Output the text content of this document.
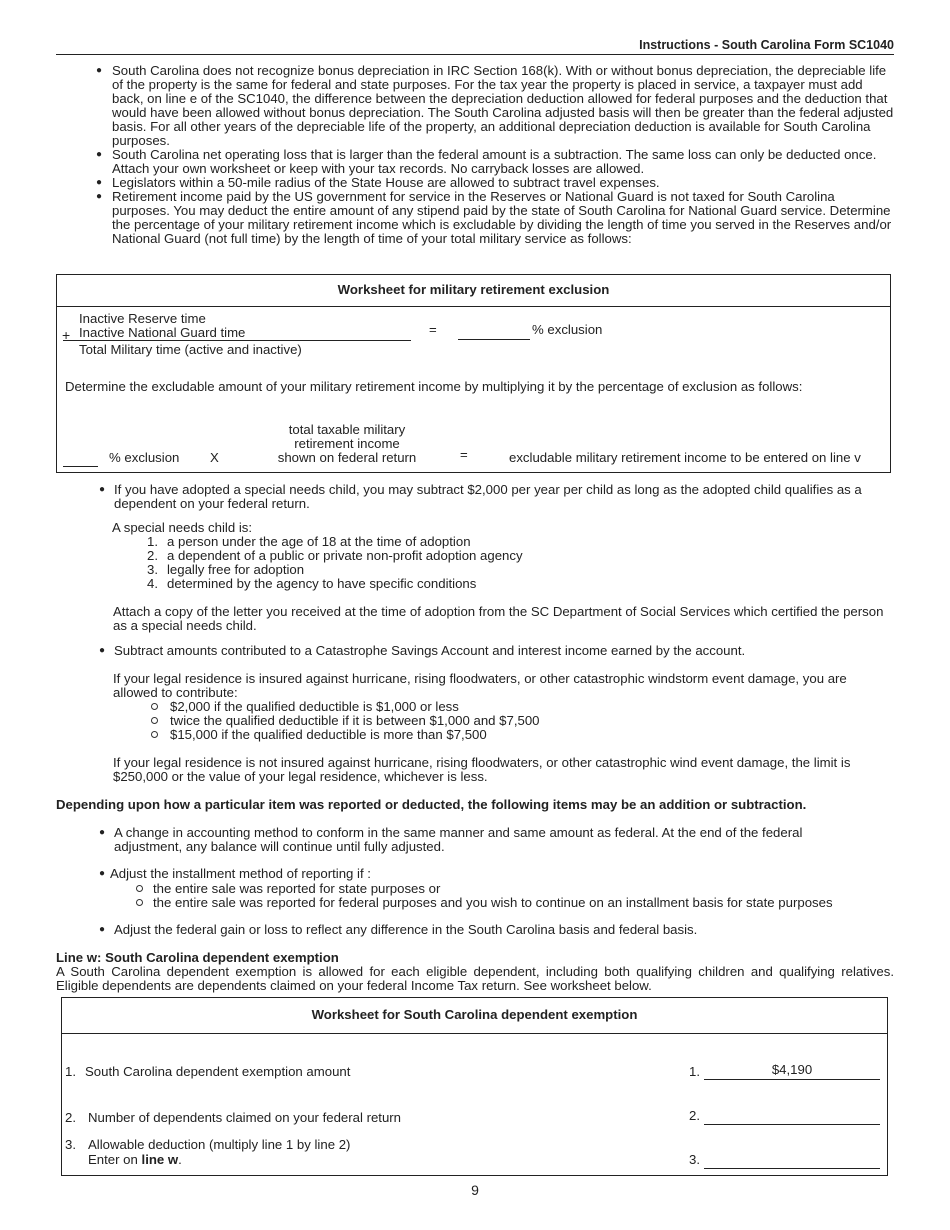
Instructions - South Carolina Form SC1040
● South Carolina does not recognize bonus depreciation in IRC Section 168(k). With or without bonus depreciation, the depreciable life of the property is the same for federal and state purposes. For the tax year the property is placed in service, a taxpayer must add back, on line e of the SC1040, the difference between the depreciation deduction allowed for federal purposes and the deduction that would have been allowed without bonus depreciation. The South Carolina adjusted basis will then be greater than the federal adjusted basis. For all other years of the depreciable life of the property, an additional depreciation deduction is available for South Carolina purposes.
● South Carolina net operating loss that is larger than the federal amount is a subtraction. The same loss can only be deducted once. Attach your own worksheet or keep with your tax records. No carryback losses are allowed.
● Legislators within a 50-mile radius of the State House are allowed to subtract travel expenses.
● Retirement income paid by the US government for service in the Reserves or National Guard is not taxed for South Carolina purposes. You may deduct the entire amount of any stipend paid by the state of South Carolina for National Guard service. Determine the percentage of your military retirement income which is excludable by dividing the length of time you served in the Reserves and/or National Guard (not full time) by the length of time of your total military service as follows:
Worksheet for military retirement exclusion
Inactive Reserve time
+ Inactive National Guard time
Total Military time (active and inactive)
=	% exclusion
Determine the excludable amount of your military retirement income by multiplying it by the percentage of exclusion as follows:
% exclusion X
total taxable military
retirement income
shown on federal return	=	excludable military retirement income to be entered on line v
● If you have adopted a special needs child, you may subtract $2,000 per year per child as long as the adopted child qualifies as a dependent on your federal return.
A special needs child is:
1. a person under the age of 18 at the time of adoption
2. a dependent of a public or private non-profit adoption agency
3. legally free for adoption
4. determined by the agency to have specific conditions
Attach a copy of the letter you received at the time of adoption from the SC Department of Social Services which certified the person as a special needs child.
● Subtract amounts contributed to a Catastrophe Savings Account and interest income earned by the account.
If your legal residence is insured against hurricane, rising floodwaters, or other catastrophic windstorm event damage, you are allowed to contribute:
$2,000 if the qualified deductible is $1,000 or less
twice the qualified deductible if it is between $1,000 and $7,500
$15,000 if the qualified deductible is more than $7,500
If your legal residence is not insured against hurricane, rising floodwaters, or other catastrophic wind event damage, the limit is $250,000 or the value of your legal residence, whichever is less.
Depending upon how a particular item was reported or deducted, the following items may be an addition or subtraction.
● A change in accounting method to conform in the same manner and same amount as federal. At the end of the federal adjustment, any balance will continue until fully adjusted.
● Adjust the installment method of reporting if :
the entire sale was reported for state purposes or
the entire sale was reported for federal purposes and you wish to continue on an installment basis for state purposes
● Adjust the federal gain or loss to reflect any difference in the South Carolina basis and federal basis.
Line w: South Carolina dependent exemption
A South Carolina dependent exemption is allowed for each eligible dependent, including both qualifying children and qualifying relatives. Eligible dependents are dependents claimed on your federal Income Tax return. See worksheet below.
Worksheet for South Carolina dependent exemption
1. South Carolina dependent exemption amount	1.	$4,190
2. Number of dependents claimed on your federal return	2.
3. Allowable deduction (multiply line 1 by line 2)
Enter on line w.	3.
9
